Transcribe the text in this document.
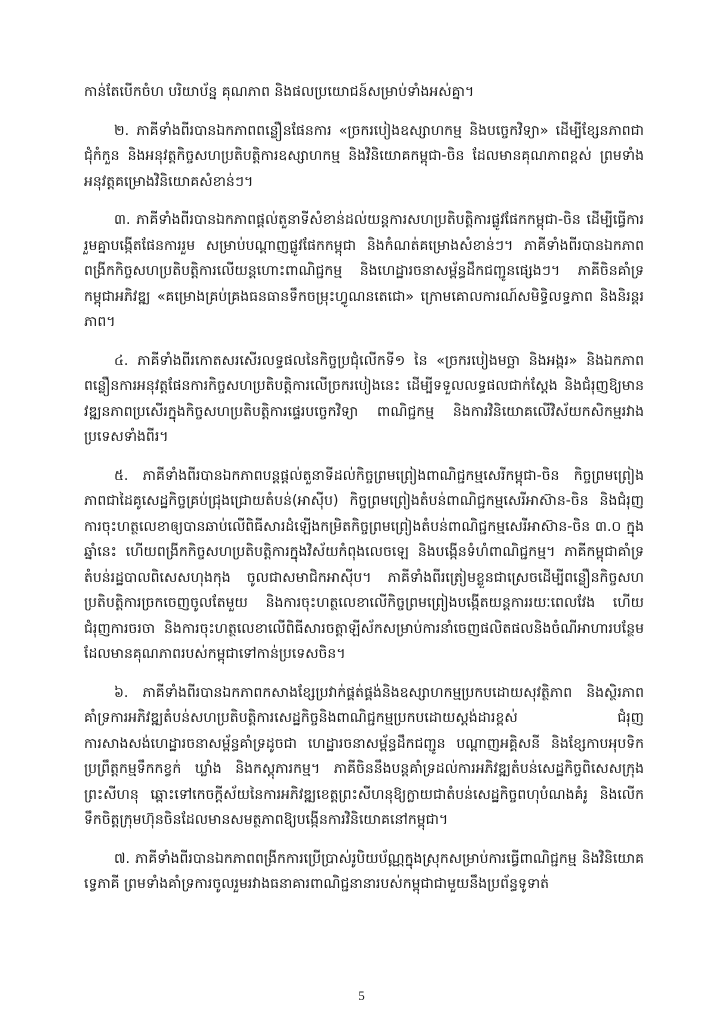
កាន់តែបើកចំហ បរិយាប័ន្ន គុណភាព និងផលប្រយោជន៍សម្រាប់ទាំងអស់គ្នា។

២. ភាគីទាំងពីរបានឯកភាពពន្លឿនផែនការ «ច្រករបៀងឧស្សាហកម្ម និងបច្ចេកវិទ្យា» ដើម្បីខ្សែនភាពជាជុំកំកួន និងអនុវត្តកិច្ចសហប្រតិបត្តិការឧស្សាហកម្ម និងវិនិយោគកម្ពុជា-ចិន ដែលមានគុណភាពខ្ពស់ ព្រមទាំងអនុវត្តគម្រោងវិនិយោគសំខាន់ៗ។

៣. ភាគីទាំងពីរបានឯកភាពផ្តល់តួនាទីសំខាន់ដល់យន្តការសហប្រតិបត្តិការផ្លូវផែកកម្ពុជា-ចិន ដើម្បីធ្វើការរួមគ្នាបង្កើតផែនការរួម សម្រាប់បណ្តាញផ្លូវផែកកម្ពុជា និងកំណត់គម្រោងសំខាន់ៗ។ ភាគីទាំងពីរបានឯកភាពពង្រីកកិច្ចសហប្រតិបត្តិការលើយន្តហោះពាណិជ្ជកម្ម និងហេដ្ឋារចនាសម្ព័ន្ធដឹកជញ្ជូនផ្សេងៗ។ ភាគីចិនគាំទ្រកម្ពុជាអភិវឌ្ឍ «គម្រោងគ្រប់គ្រងធនធានទឹកចម្រុះហ្វូណនតេជោ» ក្រោមគោលការណ៍សមិទ្ធិលទ្ធភាព និងនិរន្តរភាព។

៤. ភាគីទាំងពីរកោតសរសើរលទ្ធផលនៃកិច្ចប្រជុំលើកទី១ នៃ «ច្រករបៀងមច្ឆា និងអង្ករ» និងឯកភាពពន្លឿនការអនុវត្តផែនការកិច្ចសហប្រតិបត្តិការលើច្រករបៀងនេះ ដើម្បីទទួលលទ្ធផលជាក់ស្តែង និងជំរុញឱ្យមានវឌ្ឍនភាពប្រសើរក្នុងកិច្ចសហប្រតិបត្តិការផ្ទេរបច្ចេកវិទ្យា ពាណិជ្ជកម្ម និងការវិនិយោគលើវិស័យកសិកម្មរវាងប្រទេសទាំងពីរ។

៥. ភាគីទាំងពីរបានឯកភាពបន្តផ្តល់តួនាទីដល់កិច្ចព្រមព្រៀងពាណិជ្ជកម្មសេរីកម្ពុជា-ចិន កិច្ចព្រមព្រៀងភាពជាដៃគូសេដ្ឋកិច្ចគ្រប់ជ្រុងជ្រោយតំបន់(អាស៊ីប) កិច្ចព្រមព្រៀងតំបន់ពាណិជ្ជកម្មសេរីអាស៊ាន-ចិន និងជំរុញការចុះហត្ថលេខាឲ្យបានឆាប់លើពិធីសារដំឡើងកម្រិតកិច្ចព្រមព្រៀងតំបន់ពាណិជ្ជកម្មសេរីអាស៊ាន-ចិន ៣.០ ក្នុងឆ្នាំនេះ ហើយពង្រីកកិច្ចសហប្រតិបត្តិការក្នុងវិស័យកំពុងលេចឡេ និងបង្កើនទំហំពាណិជ្ជកម្ម។ ភាគីកម្ពុជាគាំទ្រតំបន់រដ្ឋបាលពិសេសហុងកុង ចូលជាសមាជិកអាស៊ីប។ ភាគីទាំងពីរត្រៀមខ្លួនជាស្រេចដើម្បីពន្លឿនកិច្ចសហប្រតិបត្តិការច្រកចេញចូលតែមួយ និងការចុះហត្ថលេខាលើកិច្ចព្រមព្រៀងបង្កើតយន្តការរយៈពេលវែង ហើយជំរុញការចរចា និងការចុះហត្ថលេខាលើពិធីសារចត្តាឡីស័កសម្រាប់ការនាំចេញផលិតផលនិងចំណីអាហារបន្ថែមដែលមានគុណភាពរបស់កម្ពុជាទៅកាន់ប្រទេសចិន។

៦. ភាគីទាំងពីរបានឯកភាពកសាងខ្សែប្រវាក់ផ្គត់ផ្គង់និងឧស្សាហកម្មប្រកបដោយសុវត្ថិភាព និងស្ថិរភាព គាំទ្រការអភិវឌ្ឍតំបន់សហប្រតិបត្តិការសេដ្ឋកិច្ចនិងពាណិជ្ជកម្មប្រកបដោយស្តង់ដារខ្ពស់ ជំរុញការសាងសង់ហេដ្ឋារចនាសម្ព័ន្ធគាំទ្រដូចជា ហេដ្ឋារចនាសម្ព័ន្ធដឹកជញ្ជូន បណ្តាញអគ្គិសនី និងខ្សែកាបអុបទិក ប្រព្រឹត្តកម្មទឹកកខ្វក់ ឃ្លាំង និងកស្តុភារកម្ម។ ភាគីចិននឹងបន្តគាំទ្រដល់ការអភិវឌ្ឍតំបន់សេដ្ឋកិច្ចពិសេសក្រុងព្រះសីហនុ ឆ្ពោះទៅកេចក្តីស័យនៃការអភិវឌ្ឍខេត្តព្រះសីហនុឱ្យក្លាយជាតំបន់សេដ្ឋកិច្ចពហុបំណងគំរូ និងលើកទឹកចិត្តក្រុមហ៊ុនចិនដែលមានសមត្ថភាពឱ្យបង្កើនការវិនិយោគនៅកម្ពុជា។

៧. ភាគីទាំងពីរបានឯកភាពពង្រីកការប្រើប្រាស់រូបិយប័ណ្ណក្នុងស្រុកសម្រាប់ការធ្វើពាណិជ្ជកម្ម និងវិនិយោគទ្វេភាគី ព្រមទាំងគាំទ្រការចូលរួមរវាងធនាគារពាណិជ្ជនានារបស់កម្ពុជាជាមួយនឹងប្រព័ន្ធទូទាត់

5
